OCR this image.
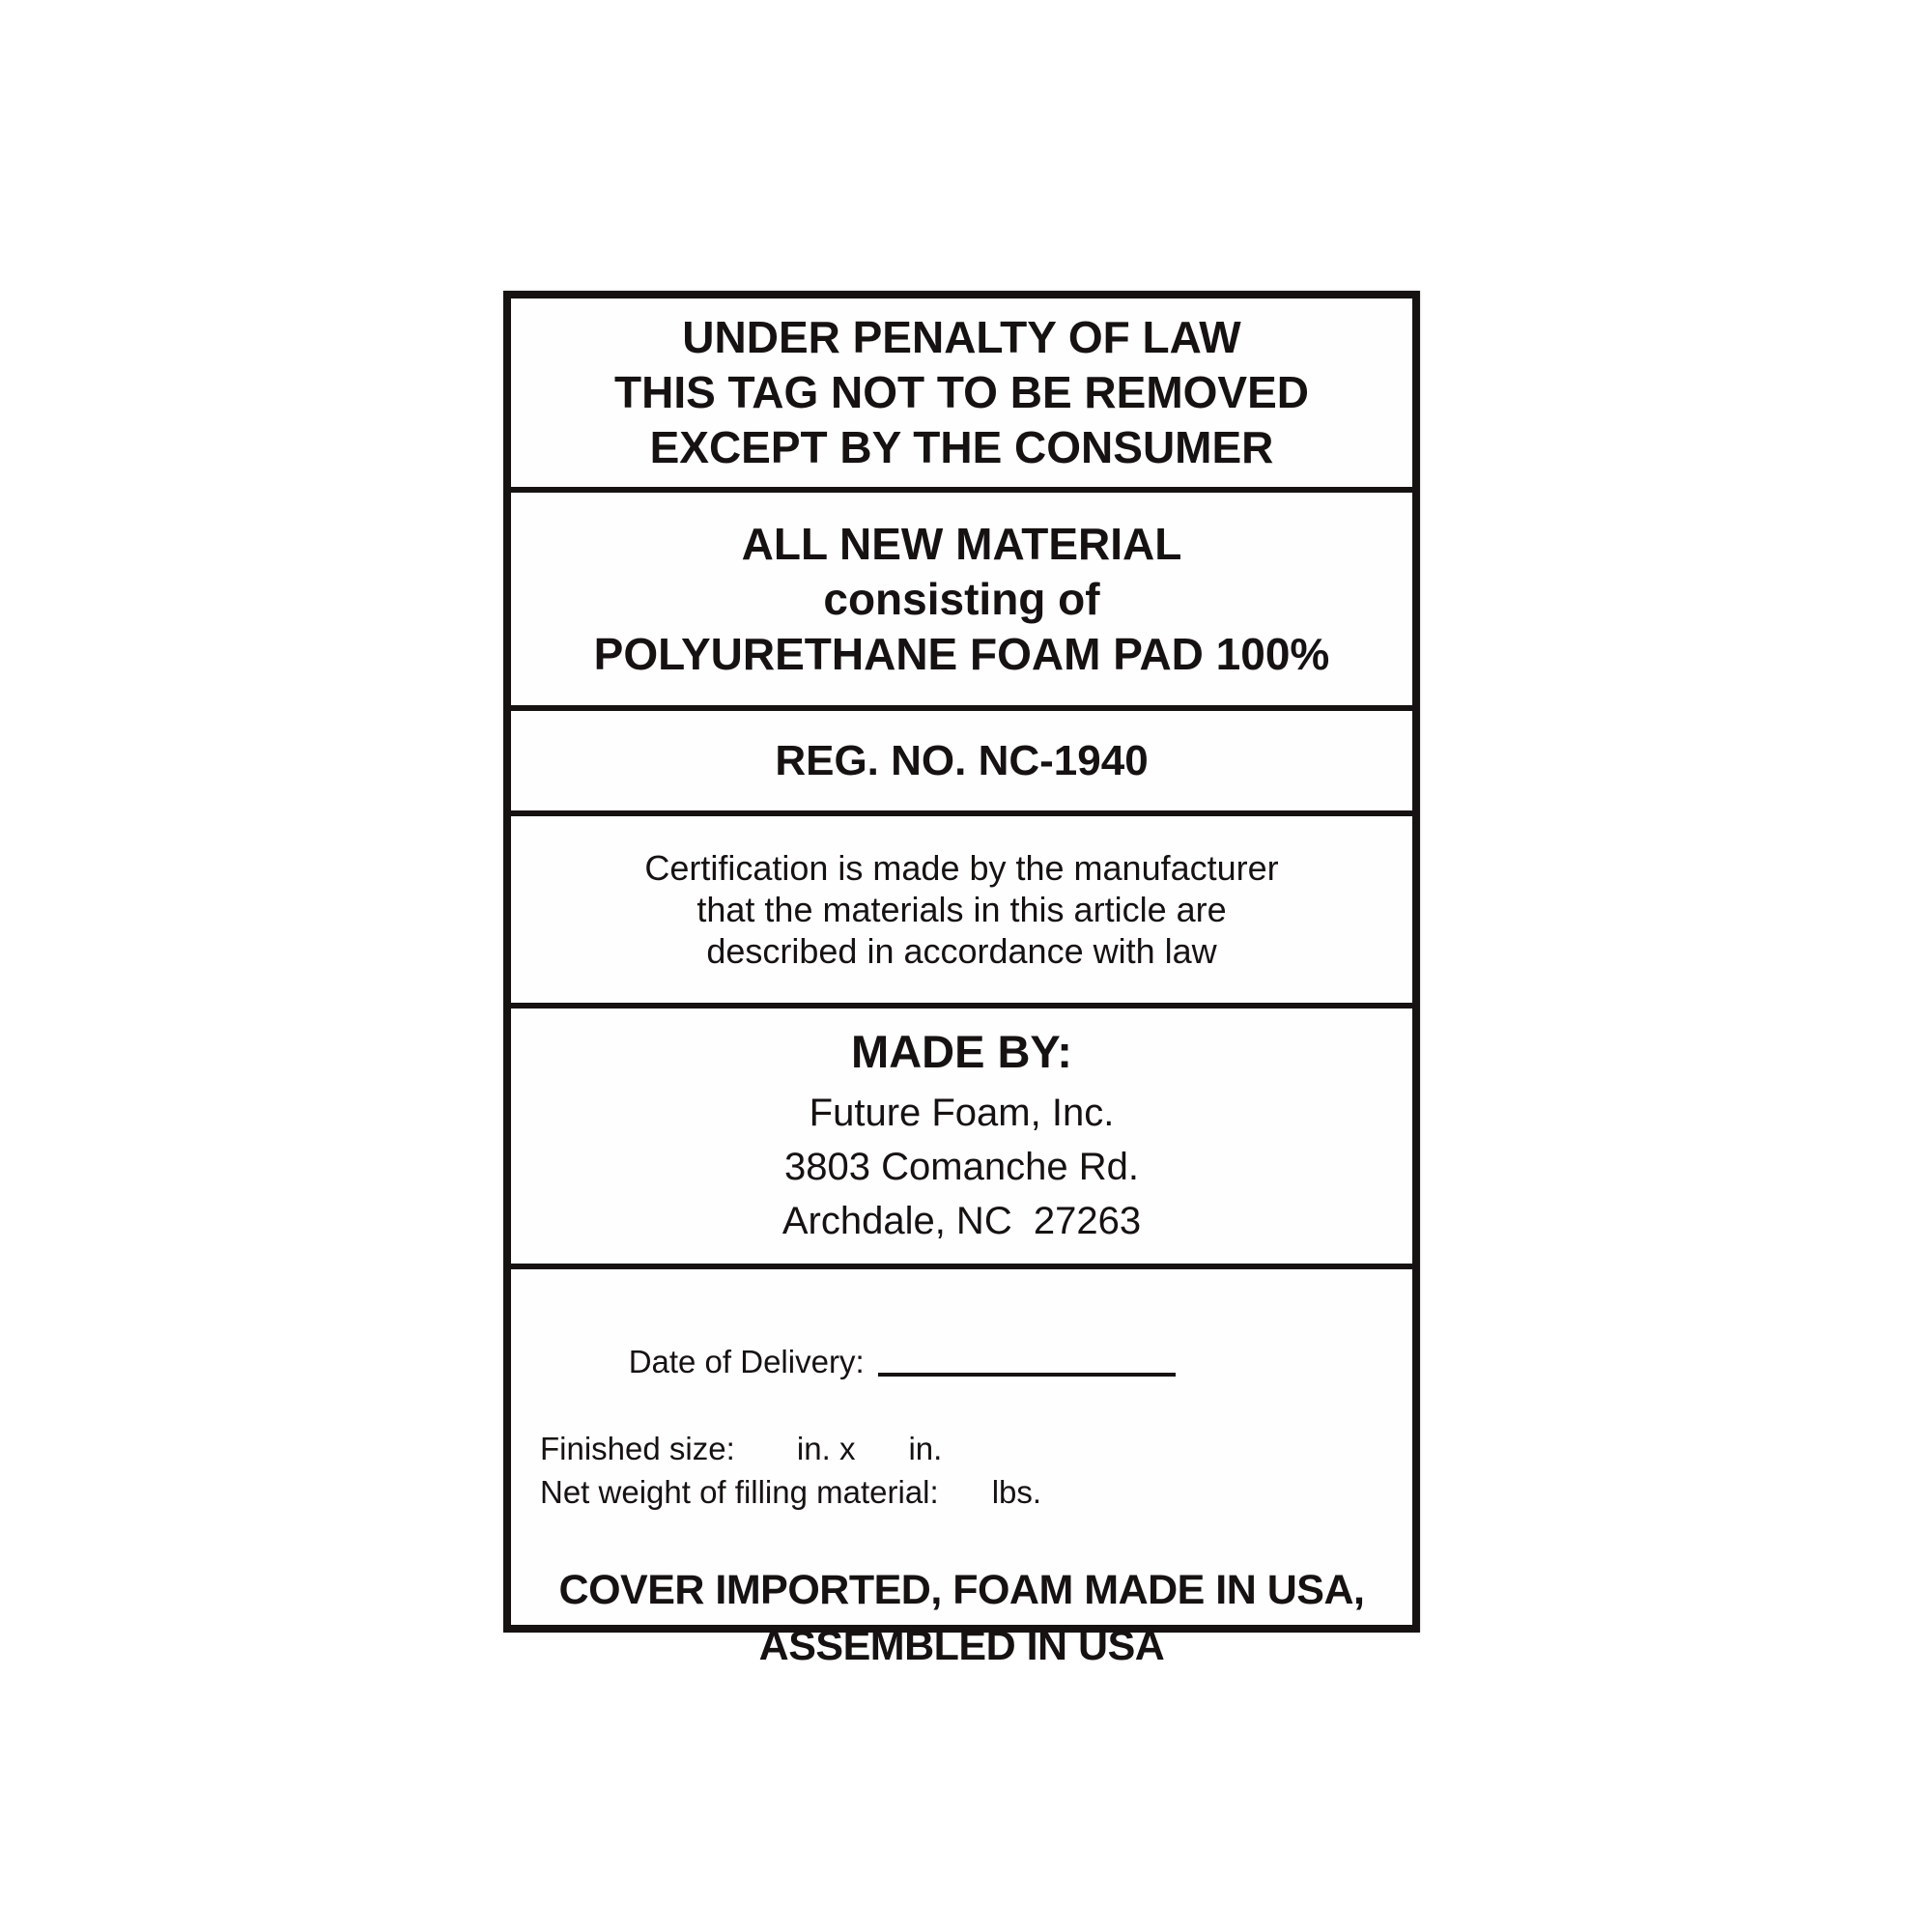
UNDER PENALTY OF LAW
THIS TAG NOT TO BE REMOVED
EXCEPT BY THE CONSUMER
ALL NEW MATERIAL
consisting of
POLYURETHANE FOAM PAD 100%
REG. NO. NC-1940
Certification is made by the manufacturer
that the materials in this article are
described in accordance with law
MADE BY:
Future Foam, Inc.
3803 Comanche Rd.
Archdale, NC  27263

Date of Delivery:

Finished size:       in. x      in.
Net weight of filling material:      lbs.
COVER IMPORTED, FOAM MADE IN USA,
ASSEMBLED IN USA
